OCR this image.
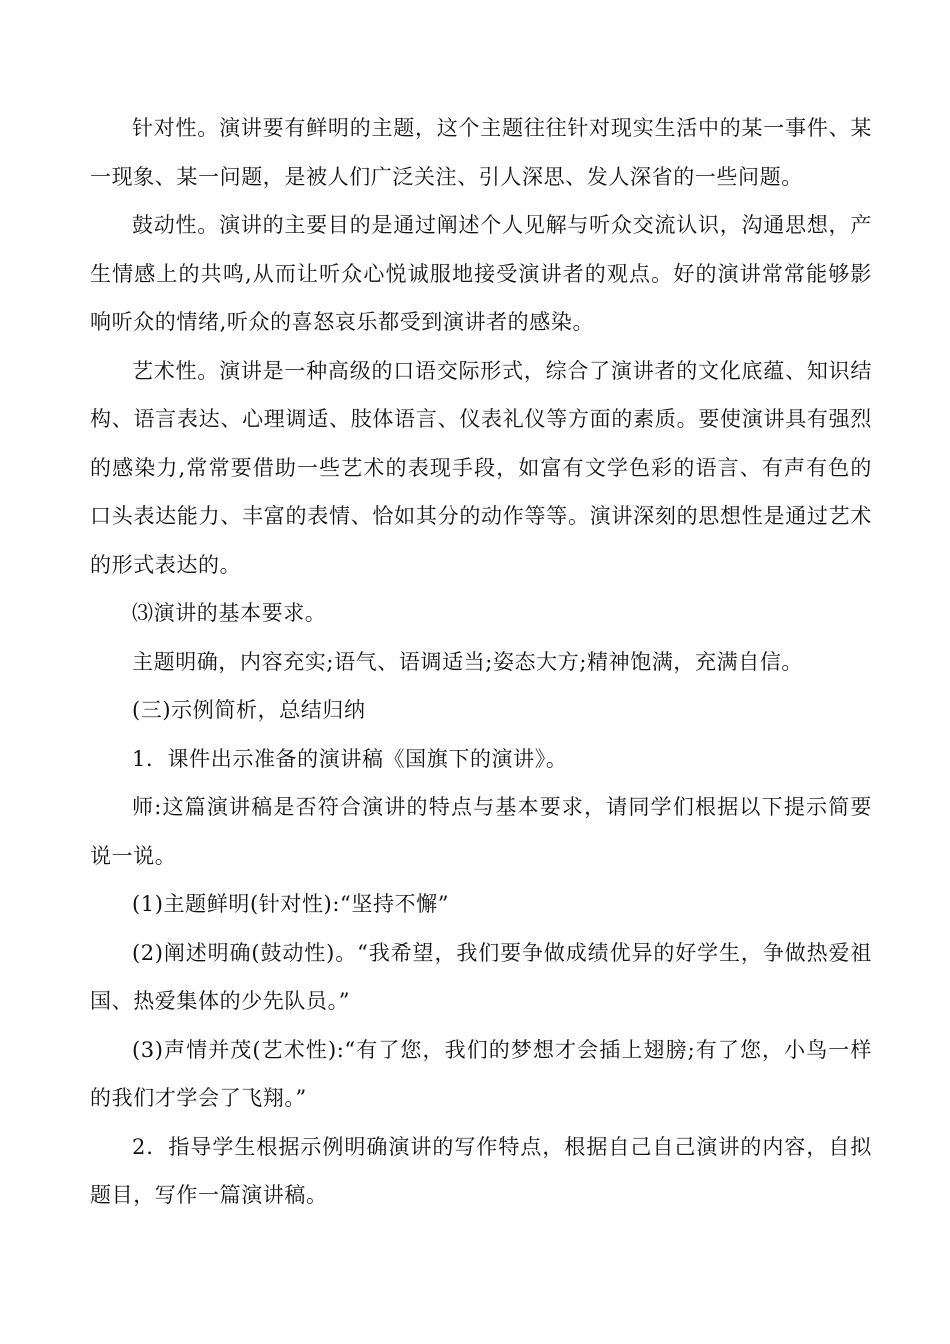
针对性。演讲要有鲜明的主题，这个主题往往针对现实生活中的某一事件、某一现象、某一问题，是被人们广泛关注、引人深思、发人深省的一些问题。

鼓动性。演讲的主要目的是通过阐述个人见解与听众交流认识，沟通思想，产生情感上的共鸣,从而让听众心悦诚服地接受演讲者的观点。好的演讲常常能够影响听众的情绪,听众的喜怒哀乐都受到演讲者的感染。

艺术性。演讲是一种高级的口语交际形式，综合了演讲者的文化底蕴、知识结构、语言表达、心理调适、肢体语言、仪表礼仪等方面的素质。要使演讲具有强烈的感染力,常常要借助一些艺术的表现手段，如富有文学色彩的语言、有声有色的口头表达能力、丰富的表情、恰如其分的动作等等。演讲深刻的思想性是通过艺术的形式表达的。

⑶演讲的基本要求。

主题明确，内容充实;语气、语调适当;姿态大方;精神饱满，充满自信。

(三)示例简析，总结归纳

1．课件出示准备的演讲稿《国旗下的演讲》。

师:这篇演讲稿是否符合演讲的特点与基本要求，请同学们根据以下提示简要说一说。

(1)主题鲜明(针对性):“坚持不懈”

(2)阐述明确(鼓动性)。“我希望，我们要争做成绩优异的好学生，争做热爱祖国、热爱集体的少先队员。”

(3)声情并茂(艺术性):“有了您，我们的梦想才会插上翅膀;有了您，小鸟一样的我们才学会了飞翔。”

2．指导学生根据示例明确演讲的写作特点，根据自己自己演讲的内容，自拟题目，写作一篇演讲稿。
